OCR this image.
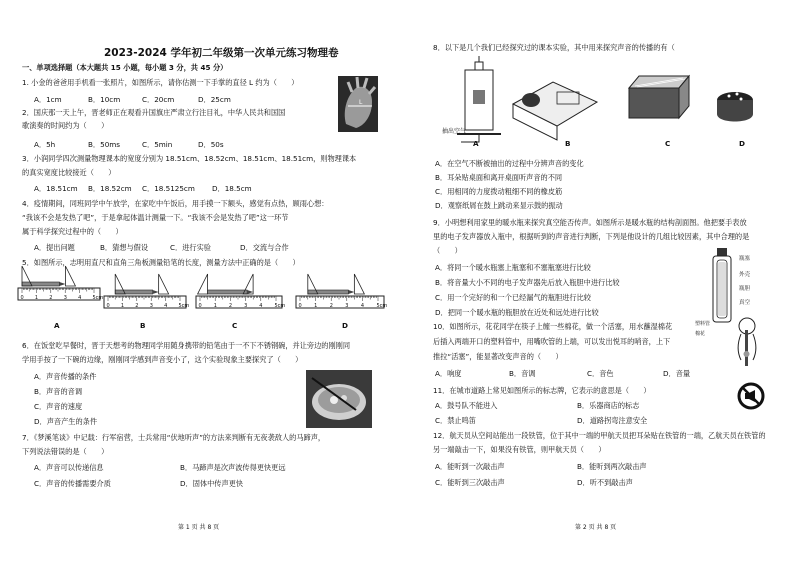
2023-2024 学年初二年级第一次单元练习物理卷
一、单项选择题（本大题共 15 小题，每小题 3 分，共 45 分）
1. 小金的爸爸用手机看一张照片，如图所示，请你估测一下手掌的直径 L 约为（　　）
A．1cm	B．10cm	C．20cm	D．25cm	L
2．国庆那一天上午，晋老师正在观看升国旗庄严肃立行注目礼，中华人民共和国国
歌演奏的时间约为（　　）
A．5h	B．50ms	C．5min	D．50s
3．小润同学四次测量物理课本的宽度分别为 18.51cm、18.52cm、18.51cm、18.51cm，则物理课本
的真实宽度比较接近（　　）
A．18.51cm B．18.52cm C．18.5125cm D．18.5cm
4．疫情期间，同班同学中午放学，在家吃中午饭后，用手摸一下额头，感觉有点热，顾雨心想：
“我该不会是发热了吧”，于是拿起体温计测量一下。“我该不会是发热了吧”这一环节
属于科学探究过程中的（　　）
A．提出问题	B．猜想与假设	C．进行实验	D．交流与合作
5．如图所示，志明用直尺和直角三角板测量铅笔的长度，测量方法中正确的是（　　）
0 1 2 3 4 5cm
0 1 2 3 4 5cm 0 1 2 3 4 5cm	0 1 2 3 4 5cm
A	B	C	D
6．在饭堂吃早餐时，晋于天想考的物理同学用随身携带的铅笔由于一不下不锈钢碗，并让旁边的刚刚同
学用手按了一下碗的边缘，刚刚同学感到声音变小了，这个实验现象主要探究了（　　）
A．声音传播的条件
B．声音的音调
C．声音的速度
D．声音产生的条件
7．《梦溪笔谈》中记载：行军宿营，士兵常用“伏地听声”的方法来判断有无夜袭敌人的马蹄声，
下列说法错误的是（　　）
A．声音可以传递信息	B．马蹄声是次声波传得更快更远
C．声音的传播需要介质	D．固体中传声更快
第 1 页 共 8 页
8．以下是几个我们已经探究过的课本实验，其中用来探究声音的传播的有（
抽出空气
A	B	C	D
A．在空气不断被抽出的过程中分辨声音的变化
B．耳朵贴桌面和离开桌面听声音的不同
C．用相同的力度拨动粗细不同的橡皮筋
D．观察纸屑在鼓上跳动来显示鼓的振动
9．小明想利用家里的暖水瓶来探究真空能否传声。如图所示是暖水瓶的结构剖面图。他把要手表放
里的电子发声器放入瓶中，根据听到的声音进行判断，下列是他设计的几组比较因素，其中合理的是
（　　）
A．将同一个暖水瓶塞上瓶塞和不塞瓶塞进行比较
B．将音量大小不同的电子发声器先后放入瓶胆中进行比较
C．用一个完好的和一个已经漏气的瓶胆进行比较
D．把同一个暖水瓶的瓶胆放在近处和远处进行比较
瓶塞
外壳
瓶胆
真空
10．如图所示，花花同学在筷子上缠一些棉花，做一个活塞，用水蘸湿棉花
后插入两端开口的塑料管中，用嘴吹管的上端，可以发出悦耳的哨音，上下
推拉“活塞”，能显著改变声音的（　　）
A．响度	B．音调	C．音色	D．音量
塑料管
棉花
11．在城市道路上常见如图所示的标志牌，它表示的意思是（　　）
A．鼓号队不能进入	B．乐器商店的标志
C．禁止鸣笛	D．道路拐弯注意安全
12．航天员从空间站能出一段铁管，位于其中一端的甲航天员把耳朵贴在铁管的一端，乙航天员在铁管的
另一端敲击一下，如果没有铁管，则甲航天员（　　）
A．能听到一次敲击声	B．能听到两次敲击声
C．能听到三次敲击声	D．听不到敲击声
第 2 页 共 8 页
